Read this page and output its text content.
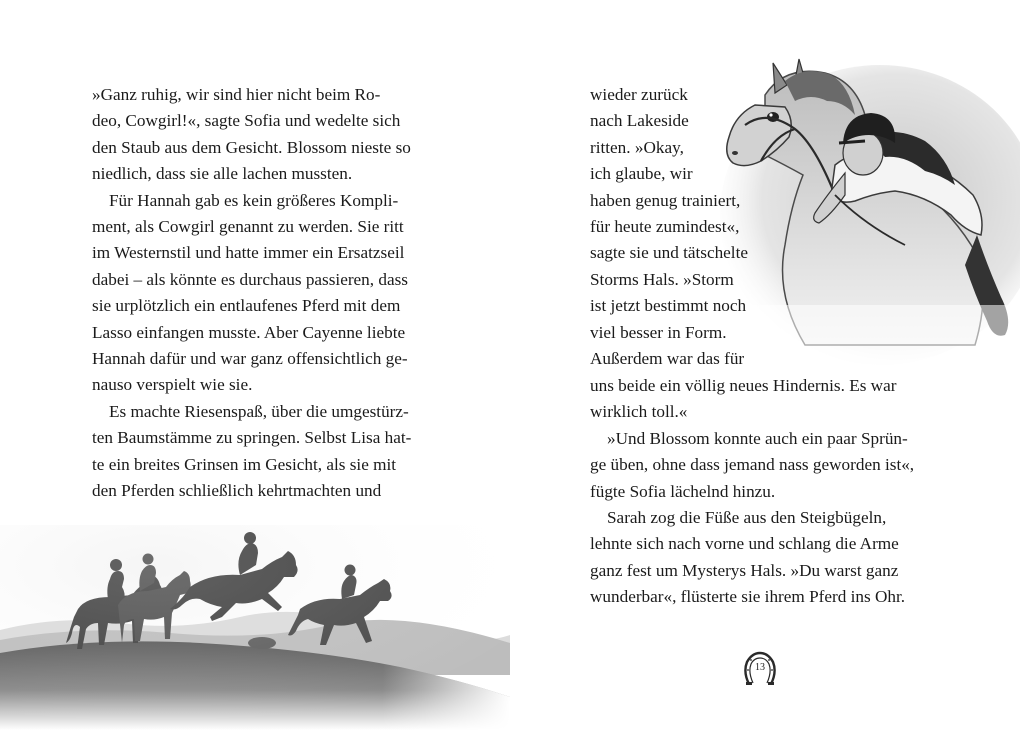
»Ganz ruhig, wir sind hier nicht beim Ro-
deo, Cowgirl!«, sagte Sofia und wedelte sich
den Staub aus dem Gesicht. Blossom nieste so
niedlich, dass sie alle lachen mussten.

Für Hannah gab es kein größeres Kompli-
ment, als Cowgirl genannt zu werden. Sie ritt
im Westernstil und hatte immer ein Ersatzseil
dabei – als könnte es durchaus passieren, dass
sie urplötzlich ein entlaufenes Pferd mit dem
Lasso einfangen musste. Aber Cayenne liebte
Hannah dafür und war ganz offensichtlich ge-
nauso verspielt wie sie.

Es machte Riesenspaß, über die umgestürz-
ten Baumstämme zu springen. Selbst Lisa hat-
te ein breites Grinsen im Gesicht, als sie mit
den Pferden schließlich kehrtmachten und

wieder zurück
nach Lakeside
ritten. »Okay,
ich glaube, wir
haben genug trainiert,
für heute zumindest«,
sagte sie und tätschelte
Storms Hals. »Storm
ist jetzt bestimmt noch
viel besser in Form.
Außerdem war das für

uns beide ein völlig neues Hindernis. Es war
wirklich toll.«

»Und Blossom konnte auch ein paar Sprün-
ge üben, ohne dass jemand nass geworden ist«,
fügte Sofia lächelnd hinzu.

Sarah zog die Füße aus den Steigbügeln,
lehnte sich nach vorne und schlang die Arme
ganz fest um Mysterys Hals. »Du warst ganz
wunderbar«, flüsterte sie ihrem Pferd ins Ohr.

13
